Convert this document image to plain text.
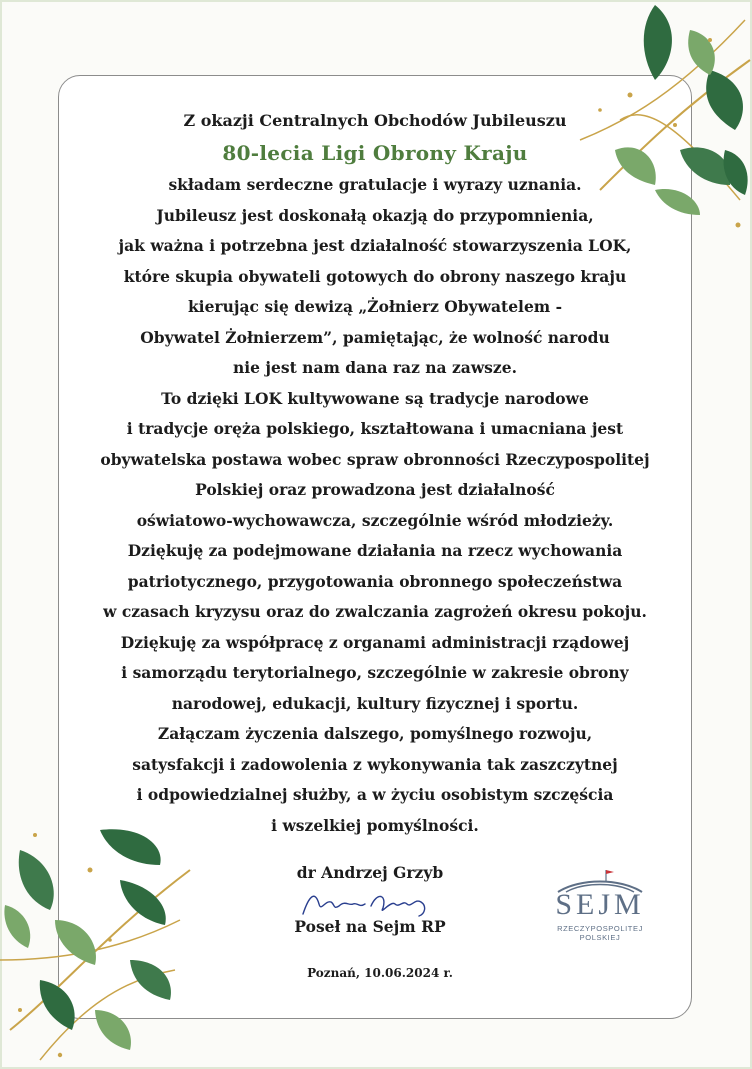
Z okazji Centralnych Obchodów Jubileuszu
80-lecia Ligi Obrony Kraju
składam serdeczne gratulacje i wyrazy uznania.
Jubileusz jest doskonałą okazją do przypomnienia,
jak ważna i potrzebna jest działalność stowarzyszenia LOK,
które skupia obywateli gotowych do obrony naszego kraju
kierując się dewizą „Żołnierz Obywatelem -
Obywatel Żołnierzem”, pamiętając, że wolność narodu
nie jest nam dana raz na zawsze.
To dzięki LOK kultywowane są tradycje narodowe
i tradycje oręża polskiego, kształtowana i umacniana jest
obywatelska postawa wobec spraw obronności Rzeczypospolitej
Polskiej oraz prowadzona jest działalność
oświatowo-wychowawcza, szczególnie wśród młodzieży.
Dziękuję za podejmowane działania na rzecz wychowania
patriotycznego, przygotowania obronnego społeczeństwa
w czasach kryzysu oraz do zwalczania zagrożeń okresu pokoju.
Dziękuję za współpracę z organami administracji rządowej
i samorządu terytorialnego, szczególnie w zakresie obrony
narodowej, edukacji, kultury fizycznej i sportu.
Załączam życzenia dalszego, pomyślnego rozwoju,
satysfakcji i zadowolenia z wykonywania tak zaszczytnej
i odpowiedzialnej służby, a w życiu osobistym szczęścia
i wszelkiej pomyślności.
dr Andrzej Grzyb
Poseł na Sejm RP
Poznań, 10.06.2024 r.
SEJM
RZECZYPOSPOLITEJ POLSKIEJ
